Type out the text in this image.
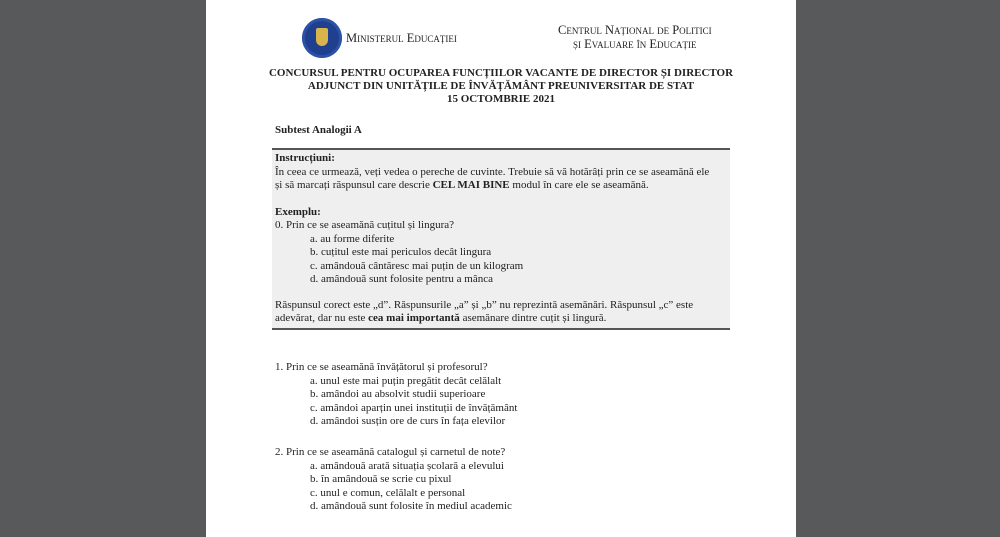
Ministerul Educației
Centrul Național de Politici
și Evaluare în Educație
CONCURSUL PENTRU OCUPAREA FUNCȚIILOR VACANTE DE DIRECTOR ȘI DIRECTOR
ADJUNCT DIN UNITĂȚILE DE ÎNVĂȚĂMÂNT PREUNIVERSITAR DE STAT
15 OCTOMBRIE 2021
Subtest Analogii A
Instrucțiuni:
În ceea ce urmează, veți vedea o pereche de cuvinte. Trebuie să vă hotărâți prin ce se aseamănă ele
și să marcați răspunsul care descrie CEL MAI BINE modul în care ele se aseamănă.
Exemplu:
0. Prin ce se aseamănă cuțitul și lingura?
a. au forme diferite
b. cuțitul este mai periculos decât lingura
c. amândouă cântăresc mai puțin de un kilogram
d. amândouă sunt folosite pentru a mânca
Răspunsul corect este „d”. Răspunsurile „a” și „b” nu reprezintă asemănări. Răspunsul „c” este
adevărat, dar nu este cea mai importantă asemănare dintre cuțit și lingură.
1. Prin ce se aseamănă învățătorul și profesorul?
a. unul este mai puțin pregătit decât celălalt
b. amândoi au absolvit studii superioare
c. amândoi aparțin unei instituții de învățământ
d. amândoi susțin ore de curs în fața elevilor
2. Prin ce se aseamănă catalogul și carnetul de note?
a. amândouă arată situația școlară a elevului
b. în amândouă se scrie cu pixul
c. unul e comun, celălalt e personal
d. amândouă sunt folosite în mediul academic
